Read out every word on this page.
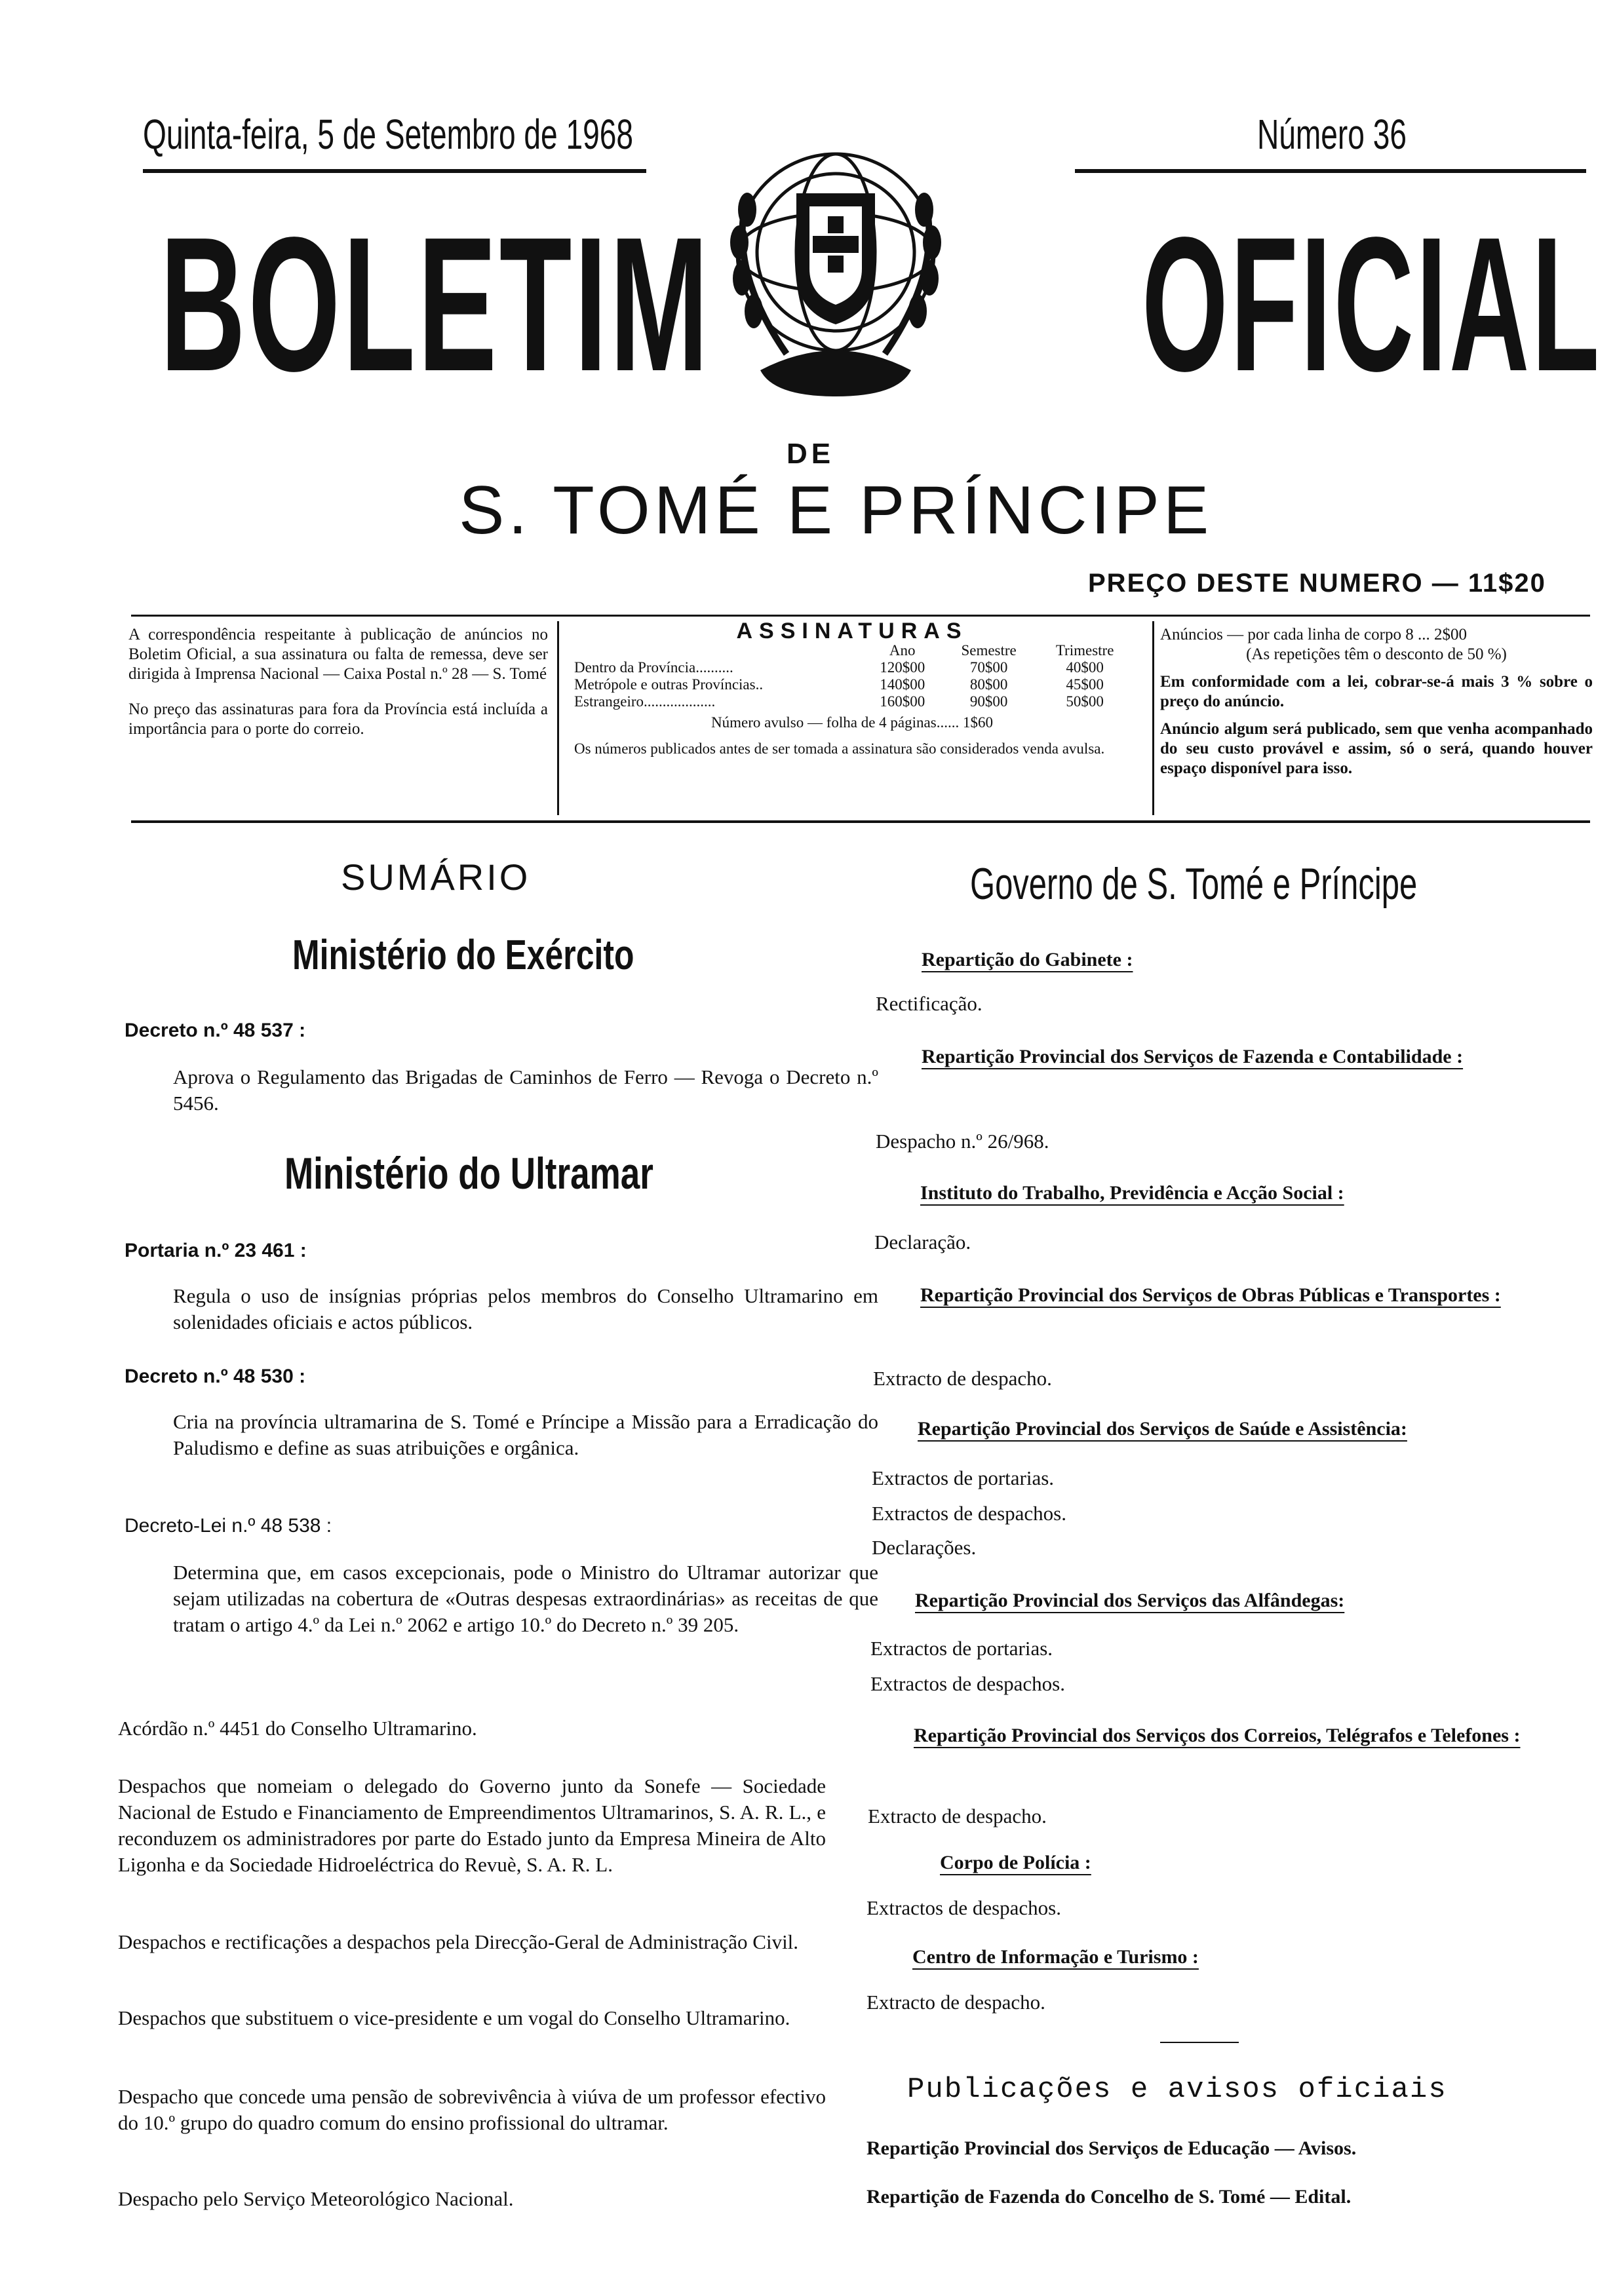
Quinta-feira, 5 de Setembro de 1968	Número 36
BOLETIM OFICIAL
DE
S. TOMÉ E PRÍNCIPE
PREÇO DESTE NUMERO — 11$20
A correspondência respeitante à publicação de anúncios no Boletim Oficial, a sua assinatura ou falta de remessa, deve ser dirigida à Imprensa Nacional — Caixa Postal n.º 28 — S. Tomé
No preço das assinaturas para fora da Província está incluída a importância para o porte do correio.
ASSINATURAS
	Ano	Semestre	Trimestre
Dentro da Província..........	120$00	70$00	40$00
Metrópole e outras Províncias..	140$00	80$00	45$00
Estrangeiro...................	160$00	90$00	50$00
Número avulso — folha de 4 páginas...... 1$60			
Os números publicados antes de ser tomada a assinatura são considerados venda avulsa.			
Anúncios — por cada linha de corpo 8 ... 2$00
(As repetições têm o desconto de 50 %)
Em conformidade com a lei, cobrar-se-á mais 3 % sobre o preço do anúncio.
Anúncio algum será publicado, sem que venha acompanhado do seu custo provável e assim, só o será, quando houver espaço disponível para isso.
SUMÁRIO
Ministério do Exército
Decreto n.º 48 537 :
Aprova o Regulamento das Brigadas de Caminhos de Ferro — Revoga o Decreto n.º 5456.
Ministério do Ultramar
Portaria n.º 23 461 :
Regula o uso de insígnias próprias pelos membros do Conselho Ultramarino em solenidades oficiais e actos públicos.
Decreto n.º 48 530 :
Cria na província ultramarina de S. Tomé e Príncipe a Missão para a Erradicação do Paludismo e define as suas atribuições e orgânica.
Decreto-Lei n.º 48 538 :
Determina que, em casos excepcionais, pode o Ministro do Ultramar autorizar que sejam utilizadas na cobertura de «Outras despesas extraordinárias» as receitas de que tratam o artigo 4.º da Lei n.º 2062 e artigo 10.º do Decreto n.º 39 205.
Acórdão n.º 4451 do Conselho Ultramarino.
Despachos que nomeiam o delegado do Governo junto da Sonefe — Sociedade Nacional de Estudo e Financiamento de Empreendimentos Ultramarinos, S. A. R. L., e reconduzem os administradores por parte do Estado junto da Empresa Mineira de Alto Ligonha e da Sociedade Hidroeléctrica do Revuè, S. A. R. L.
Despachos e rectificações a despachos pela Direcção-Geral de Administração Civil.
Despachos que substituem o vice-presidente e um vogal do Conselho Ultramarino.
Despacho que concede uma pensão de sobrevivência à viúva de um professor efectivo do 10.º grupo do quadro comum do ensino profissional do ultramar.
Despacho pelo Serviço Meteorológico Nacional.
Governo de S. Tomé e Príncipe
Repartição do Gabinete :
Rectificação.
Repartição Provincial dos Serviços de Fazenda e Contabilidade :
Despacho n.º 26/968.
Instituto do Trabalho, Previdência e Acção Social :
Declaração.
Repartição Provincial dos Serviços de Obras Públicas e Transportes :
Extracto de despacho.
Repartição Provincial dos Serviços de Saúde e Assistência:
Extractos de portarias.
Extractos de despachos.
Declarações.
Repartição Provincial dos Serviços das Alfândegas:
Extractos de portarias.
Extractos de despachos.
Repartição Provincial dos Serviços dos Correios, Telégrafos e Telefones :
Extracto de despacho.
Corpo de Polícia :
Extractos de despachos.
Centro de Informação e Turismo :
Extracto de despacho.
Publicações e avisos oficiais
Repartição Provincial dos Serviços de Educação — Avisos.
Repartição de Fazenda do Concelho de S. Tomé — Edital.
